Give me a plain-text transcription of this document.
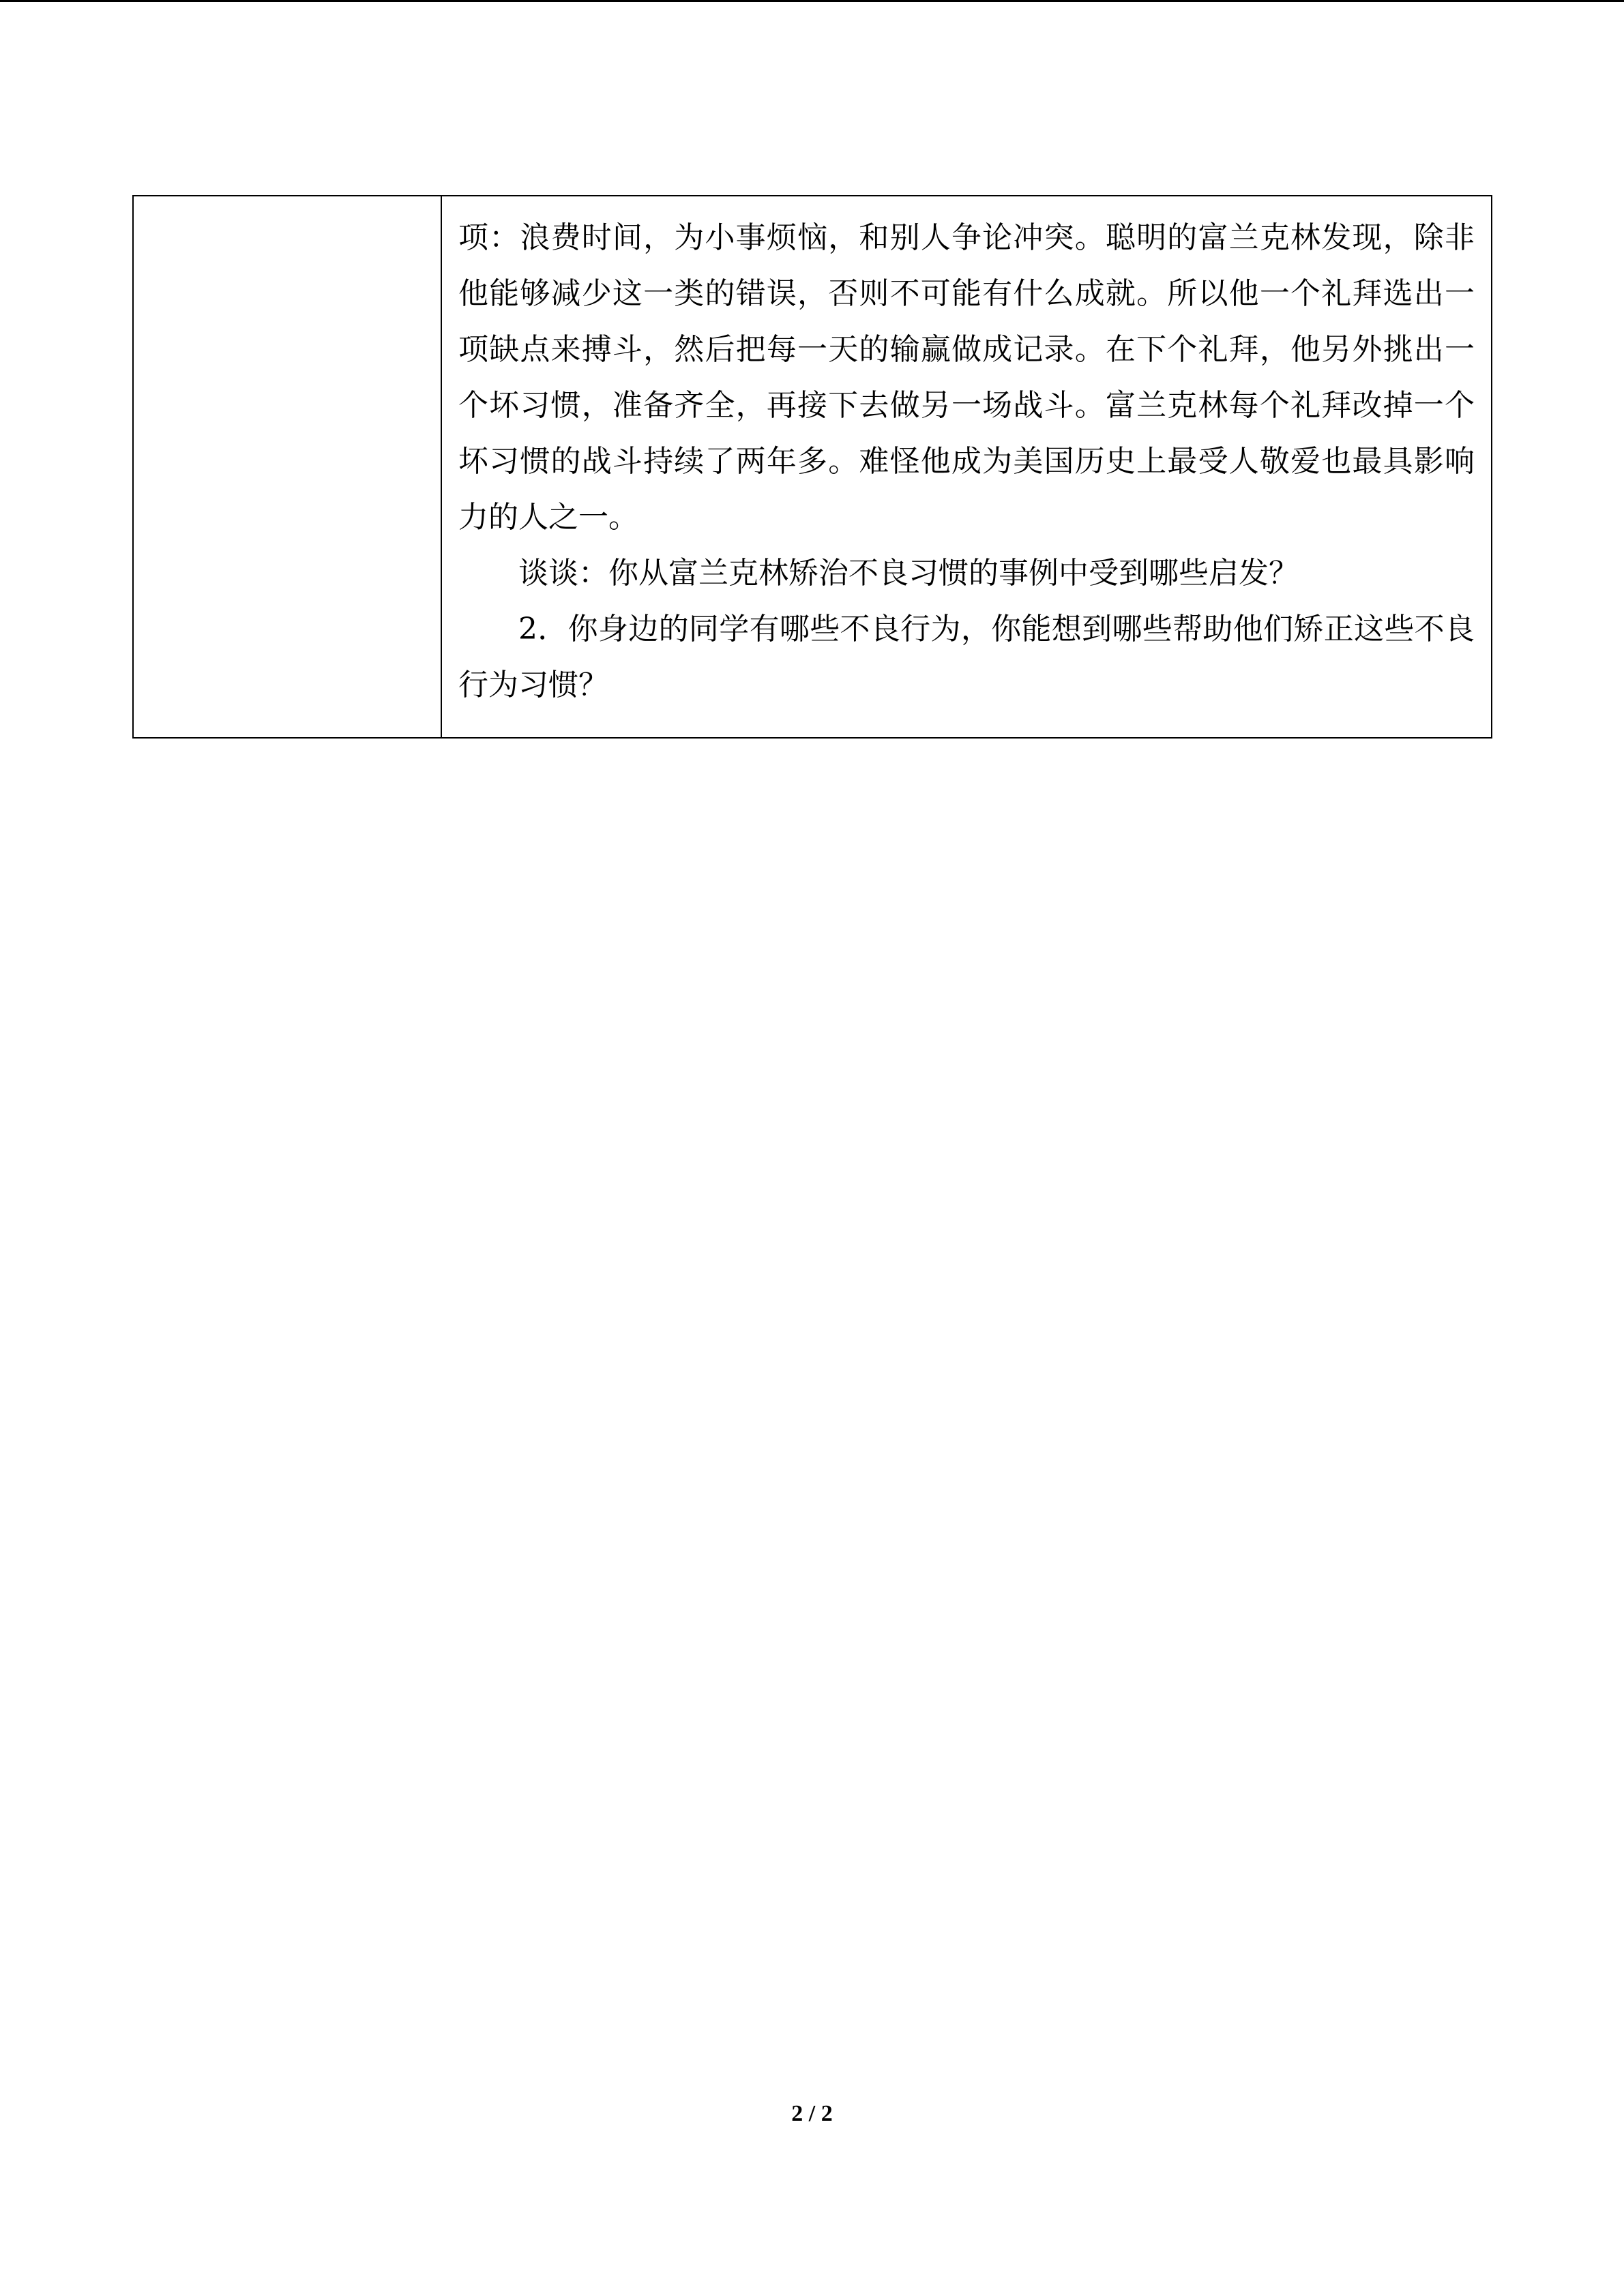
项：浪费时间，为小事烦恼，和别人争论冲突。聪明的富兰克林发现，除非他能够减少这一类的错误，否则不可能有什么成就。所以他一个礼拜选出一项缺点来搏斗，然后把每一天的输赢做成记录。在下个礼拜，他另外挑出一个坏习惯，准备齐全，再接下去做另一场战斗。富兰克林每个礼拜改掉一个坏习惯的战斗持续了两年多。难怪他成为美国历史上最受人敬爱也最具影响力的人之一。

谈谈：你从富兰克林矫治不良习惯的事例中受到哪些启发？

2．你身边的同学有哪些不良行为，你能想到哪些帮助他们矫正这些不良行为习惯？

2 / 2
